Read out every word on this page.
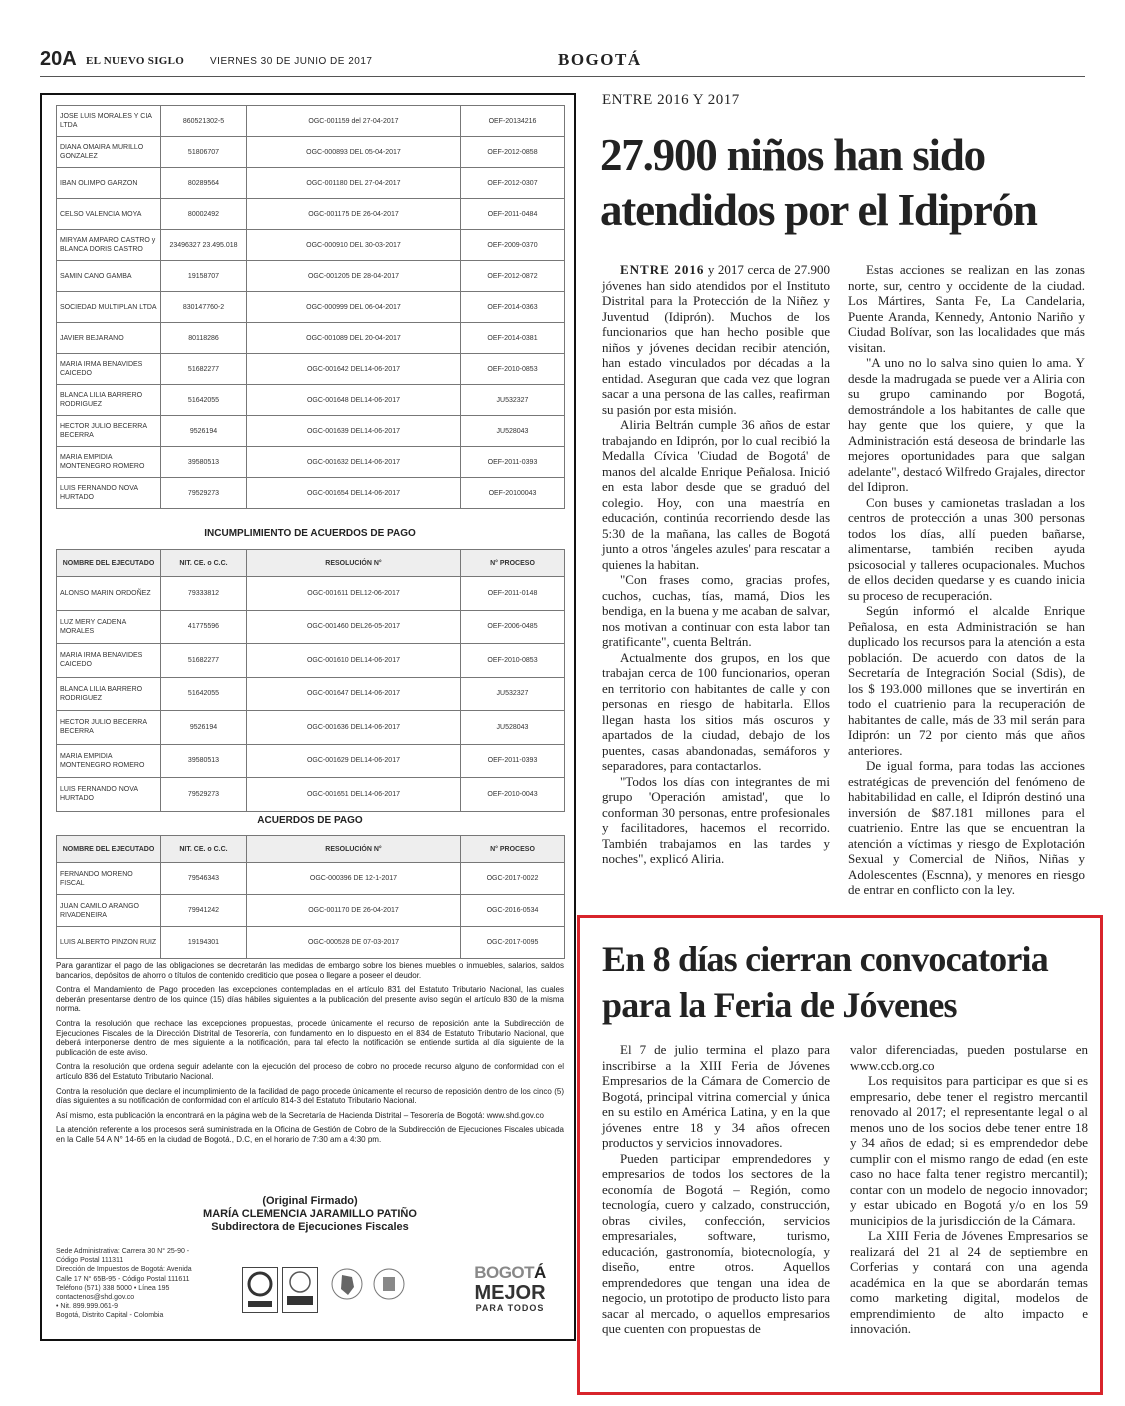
20A EL NUEVO SIGLO	VIERNES 30 DE JUNIO DE 2017	BOGOTÁ
JOSE LUIS MORALES Y CIA LTDA	860521302-5	OGC-001159 del 27-04-2017	OEF-20134216
DIANA OMAIRA MURILLO GONZALEZ	51806707	OGC-000893 DEL 05-04-2017	OEF-2012-0858
IBAN OLIMPO GARZON	80289564	OGC-001180 DEL 27-04-2017	OEF-2012-0307
CELSO VALENCIA MOYA	80002492	OGC-001175 DE 26-04-2017	OEF-2011-0484
MIRYAM AMPARO CASTRO y BLANCA DORIS CASTRO	23496327 23.495.018	OGC-000910 DEL 30-03-2017	OEF-2009-0370
SAMIN CANO GAMBA	19158707	OGC-001205 DE 28-04-2017	OEF-2012-0872
SOCIEDAD MULTIPLAN LTDA	830147760-2	OGC-000999 DEL 06-04-2017	OEF-2014-0363
JAVIER BEJARANO	80118286	OGC-001089 DEL 20-04-2017	OEF-2014-0381
MARIA IRMA BENAVIDES CAICEDO	51682277	OGC-001642 DEL14-06-2017	OEF-2010-0853
BLANCA LILIA BARRERO RODRIGUEZ	51642055	OGC-001648 DEL14-06-2017	JU532327
HECTOR JULIO BECERRA BECERRA	9526194	OGC-001639 DEL14-06-2017	JU528043
MARIA EMPIDIA MONTENEGRO ROMERO	39580513	OGC-001632 DEL14-06-2017	OEF-2011-0393
LUIS FERNANDO NOVA HURTADO	79529273	OGC-001654 DEL14-06-2017	OEF-20100043
INCUMPLIMIENTO DE ACUERDOS DE PAGO
NOMBRE DEL EJECUTADO	NIT. CE. o C.C.	RESOLUCIÓN N°	N° PROCESO
ALONSO MARIN ORDOÑEZ	79333812	OGC-001611 DEL12-06-2017	OEF-2011-0148
LUZ MERY CADENA MORALES	41775596	OGC-001460 DEL26-05-2017	OEF-2006-0485
MARIA IRMA BENAVIDES CAICEDO	51682277	OGC-001610 DEL14-06-2017	OEF-2010-0853
BLANCA LILIA BARRERO RODRIGUEZ	51642055	OGC-001647 DEL14-06-2017	JU532327
HECTOR JULIO BECERRA BECERRA	9526194	OGC-001636 DEL14-06-2017	JU528043
MARIA EMPIDIA MONTENEGRO ROMERO	39580513	OGC-001629 DEL14-06-2017	OEF-2011-0393
LUIS FERNANDO NOVA HURTADO	79529273	OGC-001651 DEL14-06-2017	OEF-2010-0043
ACUERDOS DE PAGO
NOMBRE DEL EJECUTADO	NIT. CE. o C.C.	RESOLUCIÓN N°	N° PROCESO
FERNANDO MORENO FISCAL	79546343	OGC-000396 DE 12-1-2017	OGC-2017-0022
JUAN CAMILO ARANGO RIVADENEIRA	79941242	OGC-001170 DE 26-04-2017	OGC-2016-0534
LUIS ALBERTO PINZON RUIZ	19194301	OGC-000528 DE 07-03-2017	OGC-2017-0095

Para garantizar el pago de las obligaciones se decretarán las medidas de embargo sobre los bienes muebles o inmuebles, salarios, saldos bancarios, depósitos de ahorro o títulos de contenido crediticio que posea o llegare a poseer el deudor.

Contra el Mandamiento de Pago proceden las excepciones contempladas en el artículo 831 del Estatuto Tributario Nacional, las cuales deberán presentarse dentro de los quince (15) días hábiles siguientes a la publicación del presente aviso según el artículo 830 de la misma norma.

Contra la resolución que rechace las excepciones propuestas, procede únicamente el recurso de reposición ante la Subdirección de Ejecuciones Fiscales de la Dirección Distrital de Tesorería, con fundamento en lo dispuesto en el 834 de Estatuto Tributario Nacional, que deberá interponerse dentro de mes siguiente a la notificación, para tal efecto la notificación se entiende surtida al día siguiente de la publicación de este aviso.

Contra la resolución que ordena seguir adelante con la ejecución del proceso de cobro no procede recurso alguno de conformidad con el artículo 836 del Estatuto Tributario Nacional.

Contra la resolución que declare el incumplimiento de la facilidad de pago procede únicamente el recurso de reposición dentro de los cinco (5) días siguientes a su notificación de conformidad con el artículo 814-3 del Estatuto Tributario Nacional.

Así mismo, esta publicación la encontrará en la página web de la Secretaría de Hacienda Distrital – Tesorería de Bogotá: www.shd.gov.co

La atención referente a los procesos será suministrada en la Oficina de Gestión de Cobro de la Subdirección de Ejecuciones Fiscales ubicada en la Calle 54 A N° 14-65 en la ciudad de Bogotá., D.C, en el horario de 7:30 am a 4:30 pm.

(Original Firmado)
MARÍA CLEMENCIA JARAMILLO PATIÑO
Subdirectora de Ejecuciones Fiscales
Sede Administrativa: Carrera 30 N° 25-90 -
Código Postal 111311
Dirección de Impuestos de Bogotá: Avenida
Calle 17 N° 65B-95 - Código Postal 111611
Teléfono (571) 338 5000 • Línea 195
contactenos@shd.gov.co
• Nit. 899.999.061-9
Bogotá, Distrito Capital - Colombia
BOGOTÁ
MEJOR
PARA TODOS
ENTRE 2016 Y 2017
27.900 niños han sido atendidos por el Idiprón

ENTRE 2016 y 2017 cerca de 27.900 jóvenes han sido atendidos por el Instituto Distrital para la Protección de la Niñez y Juventud (Idiprón). Muchos de los funcionarios que han hecho posible que niños y jóvenes decidan recibir atención, han estado vinculados por décadas a la entidad. Aseguran que cada vez que logran sacar a una persona de las calles, reafirman su pasión por esta misión.

Aliria Beltrán cumple 36 años de estar trabajando en Idiprón, por lo cual recibió la Medalla Cívica 'Ciudad de Bogotá' de manos del alcalde Enrique Peñalosa. Inició en esta labor desde que se graduó del colegio. Hoy, con una maestría en educación, continúa recorriendo desde las 5:30 de la mañana, las calles de Bogotá junto a otros 'ángeles azules' para rescatar a quienes la habitan.

"Con frases como, gracias profes, cuchos, cuchas, tías, mamá, Dios les bendiga, en la buena y me acaban de salvar, nos motivan a continuar con esta labor tan gratificante", cuenta Beltrán.

Actualmente dos grupos, en los que trabajan cerca de 100 funcionarios, operan en territorio con habitantes de calle y con personas en riesgo de habitarla. Ellos llegan hasta los sitios más oscuros y apartados de la ciudad, debajo de los puentes, casas abandonadas, semáforos y separadores, para contactarlos.

"Todos los días con integrantes de mi grupo 'Operación amistad', que lo conforman 30 personas, entre profesionales y facilitadores, hacemos el recorrido. También trabajamos en las tardes y noches", explicó Aliria.

Estas acciones se realizan en las zonas norte, sur, centro y occidente de la ciudad. Los Mártires, Santa Fe, La Candelaria, Puente Aranda, Kennedy, Antonio Nariño y Ciudad Bolívar, son las localidades que más visitan.

"A uno no lo salva sino quien lo ama. Y desde la madrugada se puede ver a Aliria con su grupo caminando por Bogotá, demostrándole a los habitantes de calle que hay gente que los quiere, y que la Administración está deseosa de brindarle las mejores oportunidades para que salgan adelante", destacó Wilfredo Grajales, director del Idipron.

Con buses y camionetas trasladan a los centros de protección a unas 300 personas todos los días, allí pueden bañarse, alimentarse, también reciben ayuda psicosocial y talleres ocupacionales. Muchos de ellos deciden quedarse y es cuando inicia su proceso de recuperación.

Según informó el alcalde Enrique Peñalosa, en esta Administración se han duplicado los recursos para la atención a esta población. De acuerdo con datos de la Secretaría de Integración Social (Sdis), de los $ 193.000 millones que se invertirán en todo el cuatrienio para la recuperación de habitantes de calle, más de 33 mil serán para Idiprón: un 72 por ciento más que años anteriores.

De igual forma, para todas las acciones estratégicas de prevención del fenómeno de habitabilidad en calle, el Idiprón destinó una inversión de $87.181 millones para el cuatrienio. Entre las que se encuentran la atención a víctimas y riesgo de Explotación Sexual y Comercial de Niños, Niñas y Adolescentes (Escnna), y menores en riesgo de entrar en conflicto con la ley.

En 8 días cierran convocatoria para la Feria de Jóvenes

El 7 de julio termina el plazo para inscribirse a la XIII Feria de Jóvenes Empresarios de la Cámara de Comercio de Bogotá, principal vitrina comercial y única en su estilo en América Latina, y en la que jóvenes entre 18 y 34 años ofrecen productos y servicios innovadores.

Pueden participar emprendedores y empresarios de todos los sectores de la economía de Bogotá – Región, como tecnología, cuero y calzado, construcción, obras civiles, confección, servicios empresariales, software, turismo, educación, gastronomía, biotecnología, y diseño, entre otros. Aquellos emprendedores que tengan una idea de negocio, un prototipo de producto listo para sacar al mercado, o aquellos empresarios que cuenten con propuestas de

valor diferenciadas, pueden postularse en www.ccb.org.co

Los requisitos para participar es que si es empresario, debe tener el registro mercantil renovado al 2017; el representante legal o al menos uno de los socios debe tener entre 18 y 34 años de edad; si es emprendedor debe cumplir con el mismo rango de edad (en este caso no hace falta tener registro mercantil); contar con un modelo de negocio innovador; y estar ubicado en Bogotá y/o en los 59 municipios de la jurisdicción de la Cámara.

La XIII Feria de Jóvenes Empresarios se realizará del 21 al 24 de septiembre en Corferias y contará con una agenda académica en la que se abordarán temas como marketing digital, modelos de emprendimiento de alto impacto e innovación.
